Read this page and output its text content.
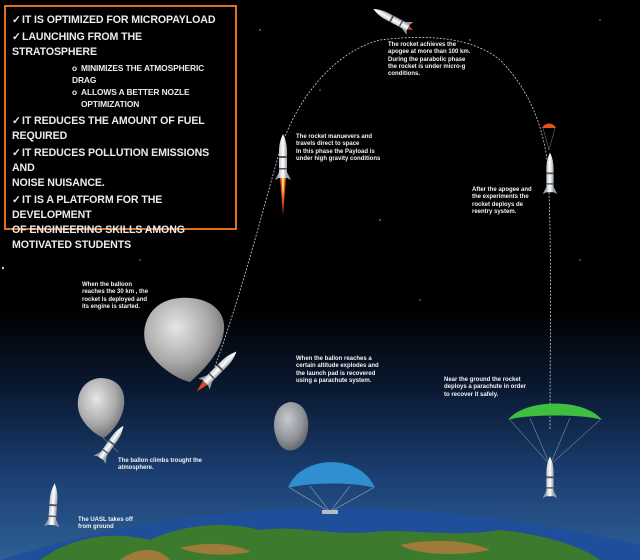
✓IT IS OPTIMIZED FOR MICROPAYLOAD
✓LAUNCHING FROM THE STRATOSPHERE
o MINIMIZES THE ATMOSPHERIC DRAG
o ALLOWS A BETTER NOZLE
OPTIMIZATION
✓IT REDUCES THE AMOUNT OF FUEL
REQUIRED
✓IT REDUCES POLLUTION EMISSIONS AND
NOISE NUISANCE.
✓IT IS A PLATFORM FOR THE DEVELOPMENT
OF ENGINEERING SKILLS AMONG
MOTIVATED STUDENTS
The rocket achieves the
apogee at more than 100 km.
During the parabolic phase
the rocket is under micro-g
conditions.
The rocket manuevers and
travels direct to space
In this phase the Payload is
under high gravity conditions
After the apogee and
the experiments the
rocket deploys de
reentry system.
When the balloon
reaches the 30 km , the
rocket is deployed and
its engine is started.
When the ballon reaches a
certain altitude explodes and
the launch pad is recovered
using a parachute system.	Near the ground the rocket
deploys a parachute in order
to recover it safely.
The ballon climbs trought the
atmosphere.
The UASL takes off
from ground
